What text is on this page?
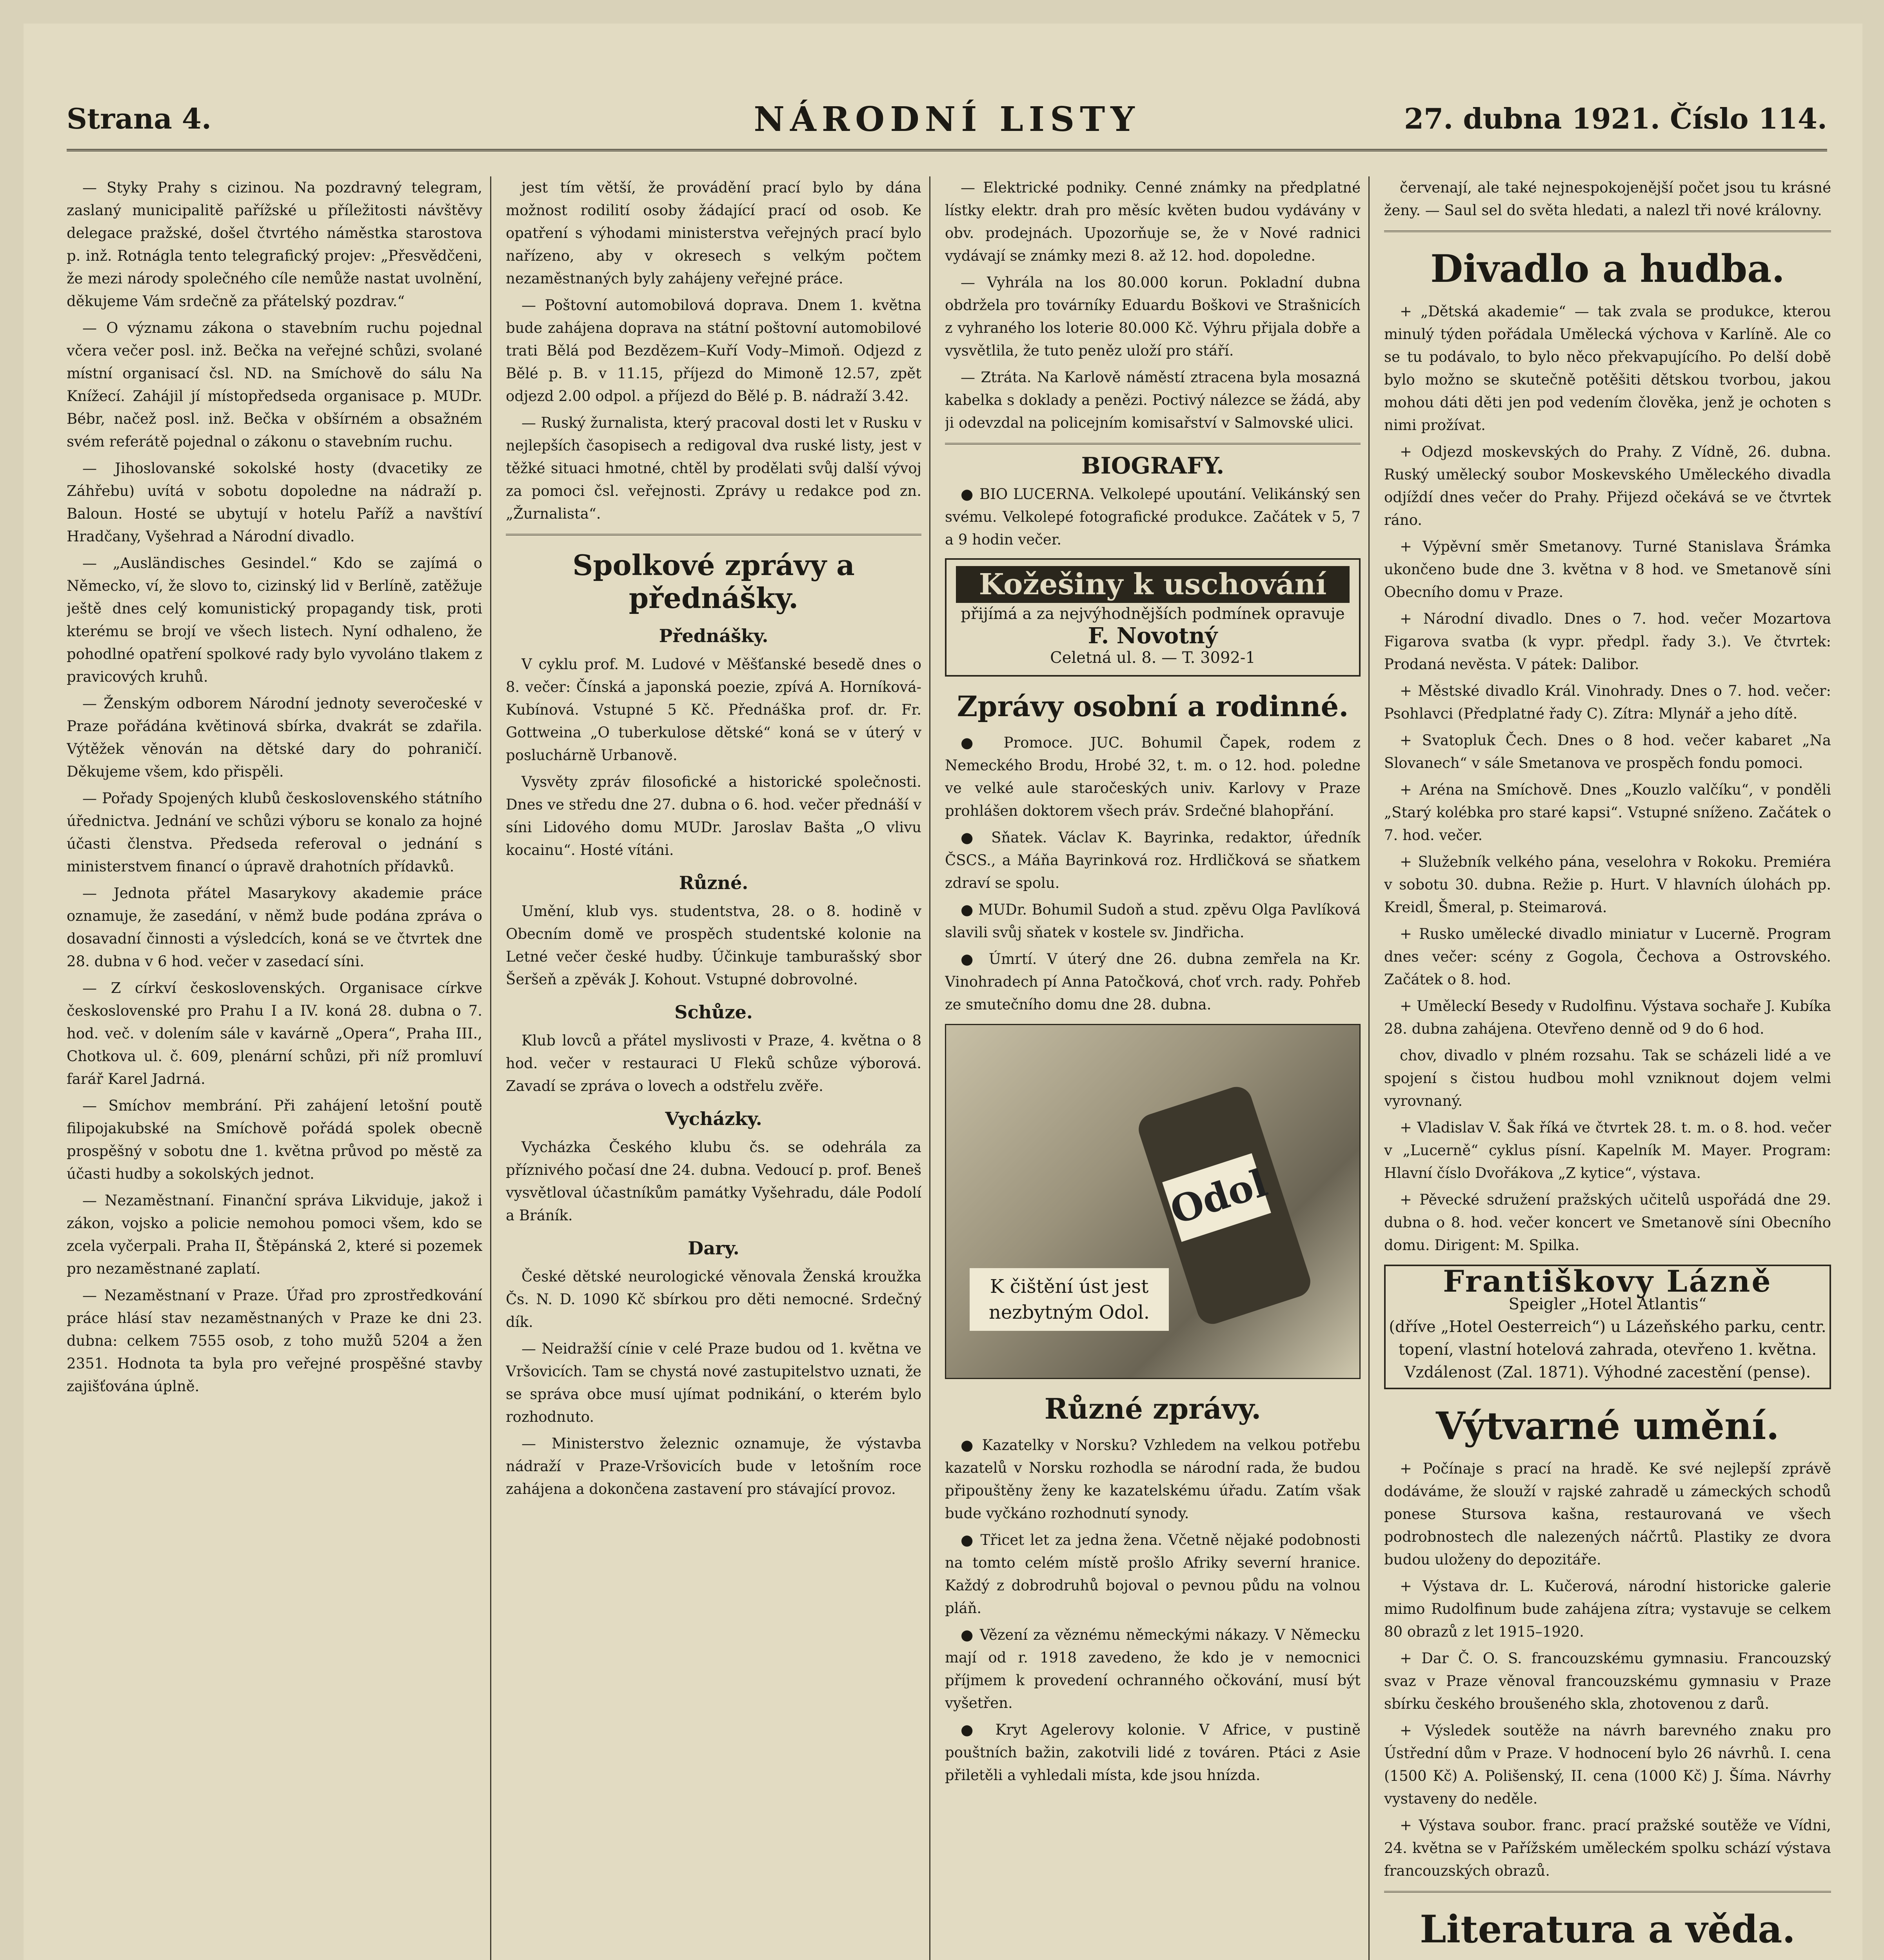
Strana 4.	NÁRODNÍ LISTY	27. dubna 1921. Číslo 114.

— Styky Prahy s cizinou. Na pozdravný telegram, zaslaný municipalitě pařížské u příležitosti návštěvy delegace pražské, došel čtvrtého náměstka starostova p. inž. Rotnágla tento telegrafický projev: „Přesvědčeni, že mezi národy společného cíle nemůže nastat uvolnění, děkujeme Vám srdečně za přátelský pozdrav.“

— O významu zákona o stavebním ruchu pojednal včera večer posl. inž. Bečka na veřejné schůzi, svolané místní organisací čsl. ND. na Smíchově do sálu Na Knížecí. Zahájil jí místopředseda organisace p. MUDr. Bébr, načež posl. inž. Bečka v obšírném a obsažném svém referátě pojednal o zákonu o stavebním ruchu.

— Jihoslovanské sokolské hosty (dvacetiky ze Záhřebu) uvítá v sobotu dopoledne na nádraží p. Baloun. Hosté se ubytují v hotelu Paříž a navštíví Hradčany, Vyšehrad a Národní divadlo.

— „Ausländisches Gesindel.“ Kdo se zajímá o Německo, ví, že slovo to, cizinský lid v Berlíně, zatěžuje ještě dnes celý komunistický propagandy tisk, proti kterému se brojí ve všech listech. Nyní odhaleno, že pohodlné opatření spolkové rady bylo vyvoláno tlakem z pravicových kruhů.

— Ženským odborem Národní jednoty severočeské v Praze pořádána květinová sbírka, dvakrát se zdařila. Výtěžek věnován na dětské dary do pohraničí. Děkujeme všem, kdo přispěli.

— Pořady Spojených klubů československého státního úřednictva. Jednání ve schůzi výboru se konalo za hojné účasti členstva. Předseda referoval o jednání s ministerstvem financí o úpravě drahotních přídavků.

— Jednota přátel Masarykovy akademie práce oznamuje, že zasedání, v němž bude podána zpráva o dosavadní činnosti a výsledcích, koná se ve čtvrtek dne 28. dubna v 6 hod. večer v zasedací síni.

— Z církví československých. Organisace církve československé pro Prahu I a IV. koná 28. dubna o 7. hod. več. v dolením sále v kavárně „Opera“, Praha III., Chotkova ul. č. 609, plenární schůzi, při níž promluví farář Karel Jadrná.

— Smíchov membrání. Při zahájení letošní poutě filipojakubské na Smíchově pořádá spolek obecně prospěšný v sobotu dne 1. května průvod po městě za účasti hudby a sokolských jednot.

— Nezaměstnaní. Finanční správa Likviduje, jakož i zákon, vojsko a policie nemohou pomoci všem, kdo se zcela vyčerpali. Praha II, Štěpánská 2, které si pozemek pro nezaměstnané zaplatí.

— Nezaměstnaní v Praze. Úřad pro zprostředkování práce hlásí stav nezaměstnaných v Praze ke dni 23. dubna: celkem 7555 osob, z toho mužů 5204 a žen 2351. Hodnota ta byla pro veřejné prospěšné stavby zajišťována úplně.

jest tím větší, že provádění prací bylo by dána možnost rodilití osoby žádající prací od osob. Ke opatření s výhodami ministerstva veřejných prací bylo nařízeno, aby v okresech s velkým počtem nezaměstnaných byly zahájeny veřejné práce.

— Poštovní automobilová doprava. Dnem 1. května bude zahájena doprava na státní poštovní automobilové trati Bělá pod Bezdězem–Kuří Vody–Mimoň. Odjezd z Bělé p. B. v 11.15, příjezd do Mimoně 12.57, zpět odjezd 2.00 odpol. a příjezd do Bělé p. B. nádraží 3.42.

— Ruský žurnalista, který pracoval dosti let v Rusku v nejlepších časopisech a redigoval dva ruské listy, jest v těžké situaci hmotné, chtěl by prodělati svůj další vývoj za pomoci čsl. veřejnosti. Zprávy u redakce pod zn. „Žurnalista“.

Spolkové zprávy a přednášky.
Přednášky.

V cyklu prof. M. Ludové v Měšťanské besedě dnes o 8. večer: Čínská a japonská poezie, zpívá A. Horníková-Kubínová. Vstupné 5 Kč. Přednáška prof. dr. Fr. Gottweina „O tuberkulose dětské“ koná se v úterý v posluchárně Urbanově.

Vysvěty zpráv filosofické a historické společnosti. Dnes ve středu dne 27. dubna o 6. hod. večer přednáší v síni Lidového domu MUDr. Jaroslav Bašta „O vlivu kocainu“. Hosté vítáni.

Různé.

Umění, klub vys. studentstva, 28. o 8. hodině v Obecním domě ve prospěch studentské kolonie na Letné večer české hudby. Účinkuje tamburašský sbor Šeršeň a zpěvák J. Kohout. Vstupné dobrovolné.

Schůze.

Klub lovců a přátel myslivosti v Praze, 4. května o 8 hod. večer v restauraci U Fleků schůze výborová. Zavadí se zpráva o lovech a odstřelu zvěře.

Vycházky.

Vycházka Českého klubu čs. se odehrála za příznivého počasí dne 24. dubna. Vedoucí p. prof. Beneš vysvětloval účastníkům památky Vyšehradu, dále Podolí a Bráník.

Dary.

České dětské neurologické věnovala Ženská kroužka Čs. N. D. 1090 Kč sbírkou pro děti nemocné. Srdečný dík.

— Neidražší cínie v celé Praze budou od 1. května ve Vršovicích. Tam se chystá nové zastupitelstvo uznati, že se správa obce musí ujímat podnikání, o kterém bylo rozhodnuto.

— Ministerstvo železnic oznamuje, že výstavba nádraží v Praze-Vršovicích bude v letošním roce zahájena a dokončena zastavení pro stávající provoz.

— Elektrické podniky. Cenné známky na předplatné lístky elektr. drah pro měsíc květen budou vydávány v obv. prodejnách. Upozorňuje se, že v Nové radnici vydávají se známky mezi 8. až 12. hod. dopoledne.

— Vyhrála na los 80.000 korun. Pokladní dubna obdržela pro továrníky Eduardu Boškovi ve Strašnicích z vyhraného los loterie 80.000 Kč. Výhru přijala dobře a vysvětlila, že tuto peněz uloží pro stáří.

— Ztráta. Na Karlově náměstí ztracena byla mosazná kabelka s doklady a penězi. Poctivý nálezce se žádá, aby ji odevzdal na policejním komisařství v Salmovské ulici.

BIOGRAFY.

● BIO LUCERNA. Velkolepé upoutání. Velikánský sen svému. Velkolepé fotografické produkce. Začátek v 5, 7 a 9 hodin večer.

Kožešiny k uschování
přijímá a za nejvýhodnějších podmínek opravuje
F. Novotný
Celetná ul. 8. — T. 3092-1
Zprávy osobní a rodinné.

● Promoce. JUC. Bohumil Čapek, rodem z Nemeckého Brodu, Hrobé 32, t. m. o 12. hod. poledne ve velké aule staročeských univ. Karlovy v Praze prohlášen doktorem všech práv. Srdečné blahopřání.

● Sňatek. Václav K. Bayrinka, redaktor, úředník ČSCS., a Máňa Bayrinková roz. Hrdličková se sňatkem zdraví se spolu.

● MUDr. Bohumil Sudoň a stud. zpěvu Olga Pavlíková slavili svůj sňatek v kostele sv. Jindřicha.

● Úmrtí. V úterý dne 26. dubna zemřela na Kr. Vinohradech pí Anna Patočková, choť vrch. rady. Pohřeb ze smutečního domu dne 28. dubna.

Odol
K čištění úst jest nezbytným Odol.
Různé zprávy.

● Kazatelky v Norsku? Vzhledem na velkou potřebu kazatelů v Norsku rozhodla se národní rada, že budou připouštěny ženy ke kazatelskému úřadu. Zatím však bude vyčkáno rozhodnutí synody.

● Třicet let za jedna žena. Včetně nějaké podobnosti na tomto celém místě prošlo Afriky severní hranice. Každý z dobrodruhů bojoval o pevnou půdu na volnou pláň.

● Vězení za věznému německými nákazy. V Německu mají od r. 1918 zavedeno, že kdo je v nemocnici příjmem k provedení ochranného očkování, musí být vyšetřen.

● Kryt Agelerovy kolonie. V Africe, v pustině pouštních bažin, zakotvili lidé z továren. Ptáci z Asie přiletěli a vyhledali místa, kde jsou hnízda.

červenají, ale také nejnespokojenější počet jsou tu krásné ženy. — Saul sel do světa hledati, a nalezl tři nové královny.

Divadlo a hudba.

+ „Dětská akademie“ — tak zvala se produkce, kterou minulý týden pořádala Umělecká výchova v Karlíně. Ale co se tu podávalo, to bylo něco překvapujícího. Po delší době bylo možno se skutečně potěšiti dětskou tvorbou, jakou mohou dáti děti jen pod vedením člověka, jenž je ochoten s nimi prožívat.

+ Odjezd moskevských do Prahy. Z Vídně, 26. dubna. Ruský umělecký soubor Moskevského Uměleckého divadla odjíždí dnes večer do Prahy. Přijezd očekává se ve čtvrtek ráno.

+ Výpěvní směr Smetanovy. Turné Stanislava Šrámka ukončeno bude dne 3. května v 8 hod. ve Smetanově síni Obecního domu v Praze.

+ Národní divadlo. Dnes o 7. hod. večer Mozartova Figarova svatba (k vypr. předpl. řady 3.). Ve čtvrtek: Prodaná nevěsta. V pátek: Dalibor.

+ Městské divadlo Král. Vinohrady. Dnes o 7. hod. večer: Psohlavci (Předplatné řady C). Zítra: Mlynář a jeho dítě.

+ Svatopluk Čech. Dnes o 8 hod. večer kabaret „Na Slovanech“ v sále Smetanova ve prospěch fondu pomoci.

+ Aréna na Smíchově. Dnes „Kouzlo valčíku“, v ponděli „Starý kolébka pro staré kapsi“. Vstupné sníženo. Začátek o 7. hod. večer.

+ Služebník velkého pána, veselohra v Rokoku. Premiéra v sobotu 30. dubna. Režie p. Hurt. V hlavních úlohách pp. Kreidl, Šmeral, p. Steimarová.

+ Rusko umělecké divadlo miniatur v Lucerně. Program dnes večer: scény z Gogola, Čechova a Ostrovského. Začátek o 8. hod.

+ Uměleckí Besedy v Rudolfinu. Výstava sochaře J. Kubíka 28. dubna zahájena. Otevřeno denně od 9 do 6 hod.

chov, divadlo v plném rozsahu. Tak se scházeli lidé a ve spojení s čistou hudbou mohl vzniknout dojem velmi vyrovnaný.

+ Vladislav V. Šak říká ve čtvrtek 28. t. m. o 8. hod. večer v „Lucerně“ cyklus písní. Kapelník M. Mayer. Program: Hlavní číslo Dvořákova „Z kytice“, výstava.

+ Pěvecké sdružení pražských učitelů uspořádá dne 29. dubna o 8. hod. večer koncert ve Smetanově síni Obecního domu. Dirigent: M. Spilka.

Františkovy Lázně
Speigler „Hotel Atlantis“
(dříve „Hotel Oesterreich“) u Lázeňského parku, centr. topení, vlastní hotelová zahrada, otevřeno 1. května. Vzdálenost (Zal. 1871). Výhodné zacestění (pense).
Výtvarné umění.

+ Počínaje s prací na hradě. Ke své nejlepší zprávě dodáváme, že slouží v rajské zahradě u zámeckých schodů ponese Stursova kašna, restaurovaná ve všech podrobnostech dle nalezených náčrtů. Plastiky ze dvora budou uloženy do depozitáře.

+ Výstava dr. L. Kučerová, národní historicke galerie mimo Rudolfinum bude zahájena zítra; vystavuje se celkem 80 obrazů z let 1915–1920.

+ Dar Č. O. S. francouzskému gymnasiu. Francouzský svaz v Praze věnoval francouzskému gymnasiu v Praze sbírku českého broušeného skla, zhotovenou z darů.

+ Výsledek soutěže na návrh barevného znaku pro Ústřední dům v Praze. V hodnocení bylo 26 návrhů. I. cena (1500 Kč) A. Polišenský, II. cena (1000 Kč) J. Šíma. Návrhy vystaveny do neděle.

+ Výstava soubor. franc. prací pražské soutěže ve Vídni, 24. května se v Pařížském uměleckém spolku schází výstava francouzských obrazů.

Literatura a věda.
